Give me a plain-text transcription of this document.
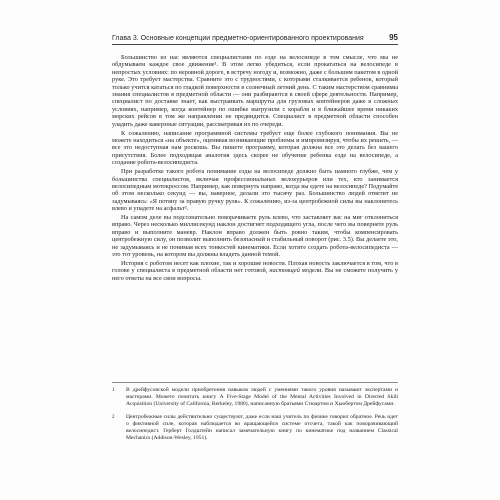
Глава 3. Основные концепции предметно-ориентированного проектирования	95

Большинство из нас являются специалистами по езде на велосипеде в том смысле, что мы не обдумываем каждое свое движение¹. В этом легко убедиться, если прокататься на велосипеде в непростых условиях: по неровной дороге, в встречу ногоду и, возможно, даже с большим пакетом в одной руке. Это требует мастерства. Сравните это с трудностями, с которыми сталкивается ребенок, который только учится кататься по гладкой поверхности в солнечный летний день. С таким мастерством сравнимы знания специалистов в предметной области — они разбираются в своей сфере деятельности. Например, специалист по доставке знает, как выстраивать маршруты для грузовых контейнеров даже в сложных условиях, например, когда контейнер по ошибке выгрузили с корабля и в ближайшее время никаких морских рейсов в том же направлении не предвидится. Специалист в предметной области способен уладить даже каверзные ситуации, рассматривая их по очереди.

К сожалению, написание программной системы требует еще более глубокого понимания. Вы не можете находиться «на объекте», оценивая возникающие проблемы и импровизируя, чтобы их решить, — все это недоступная нам роскошь. Вы пишете программу, которая должна все это делать без вашего присутствия. Более подходящая аналогия здесь скорее не обучение ребенка езде на велосипеде, а создание робота-велосипедиста.

При разработке такого робота понимание езды на велосипеде должно быть намного глубже, чем у большинства специалистов, включая профессиональных велокурьеров или тех, кто занимается велосипедным мотокроссом. Например, как повернуть направо, когда вы едете на велосипеде? Подумайте об этом несколько секунд — вы, наверное, делали это тысячу раз. Большинство людей ответит не задумываясь: «Я потяну за правую ручку руля». К сожалению, из-за центробежной силы вы наклонитесь влево и упадете на асфальт².

На самом деле вы подсознательно поворачиваете руль влево, что заставляет вас на миг отклониться вправо. Через несколько миллисекунд наклон достигнет подходящего угла, после чего вы повернете руль вправо и выполните маневр. Наклон вправо должен быть ровно таким, чтобы компенсировать центробежную силу, он позволит выполнить безопасный и стабильный поворот (рис. 3.5). Вы делаете это, не задумываясь и не понимая всех тонкостей кинематики. Если хотите создать робота-велосипедиста — это тот уровень, на котором вы должны владеть данной темой.

История с роботом несет как плохие, так и хорошие новости. Плохая новость заключается в том, что в голове у специалиста в предметной области нет готовой, настоящей модели. Вы не сможете получить у него ответы на все свои вопросы.

1	В дрейфусовской модели приобретения навыков людей с умениями такого уровня называют экспертами и мастерами. Можете почитать книгу A Five-Stage Model of the Mental Activities Involved in Directed Skill Acquisition (University of California, Berkeley, 1980), написанную братьями Стюартом и Хьюбертом Дрейфусами.
2	Центробежные силы действительно существуют, даже если наш учитель по физике говорил обратное. Речь идет о фиктивной силе, которая наблюдается во вращающейся системе отсчета, такой как поворачивающий велосипедист. Герберт Голдштейн написал замечательную книгу по кинематике под названием Classical Mechanics (Addison-Wesley, 1951).
